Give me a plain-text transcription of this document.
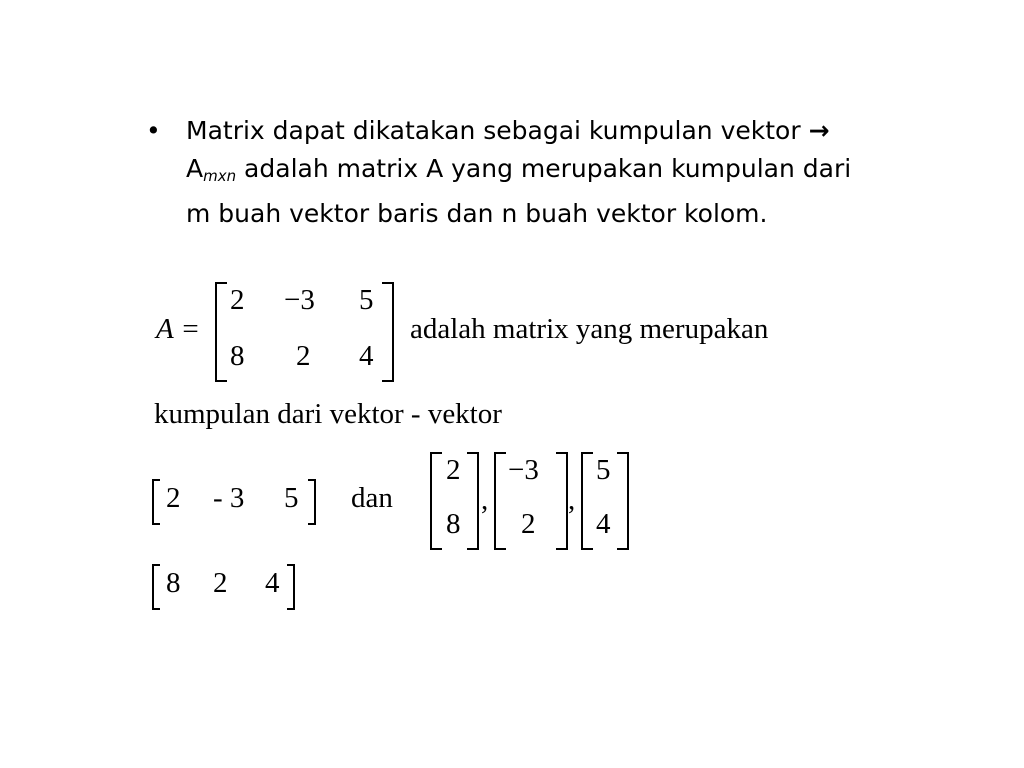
• Matrix dapat dikatakan sebagai kumpulan vektor →
$A_{mxn}$ adalah matrix A yang merupakan kumpulan dari
m buah vektor baris dan n buah vektor kolom.
A =
2 −3 5
8 2 4
adalah matrix yang merupakan
kumpulan dari vektor - vektor
2 - 3 5 dan
2
8
,
−3
2
,
5
4
8 2 4
